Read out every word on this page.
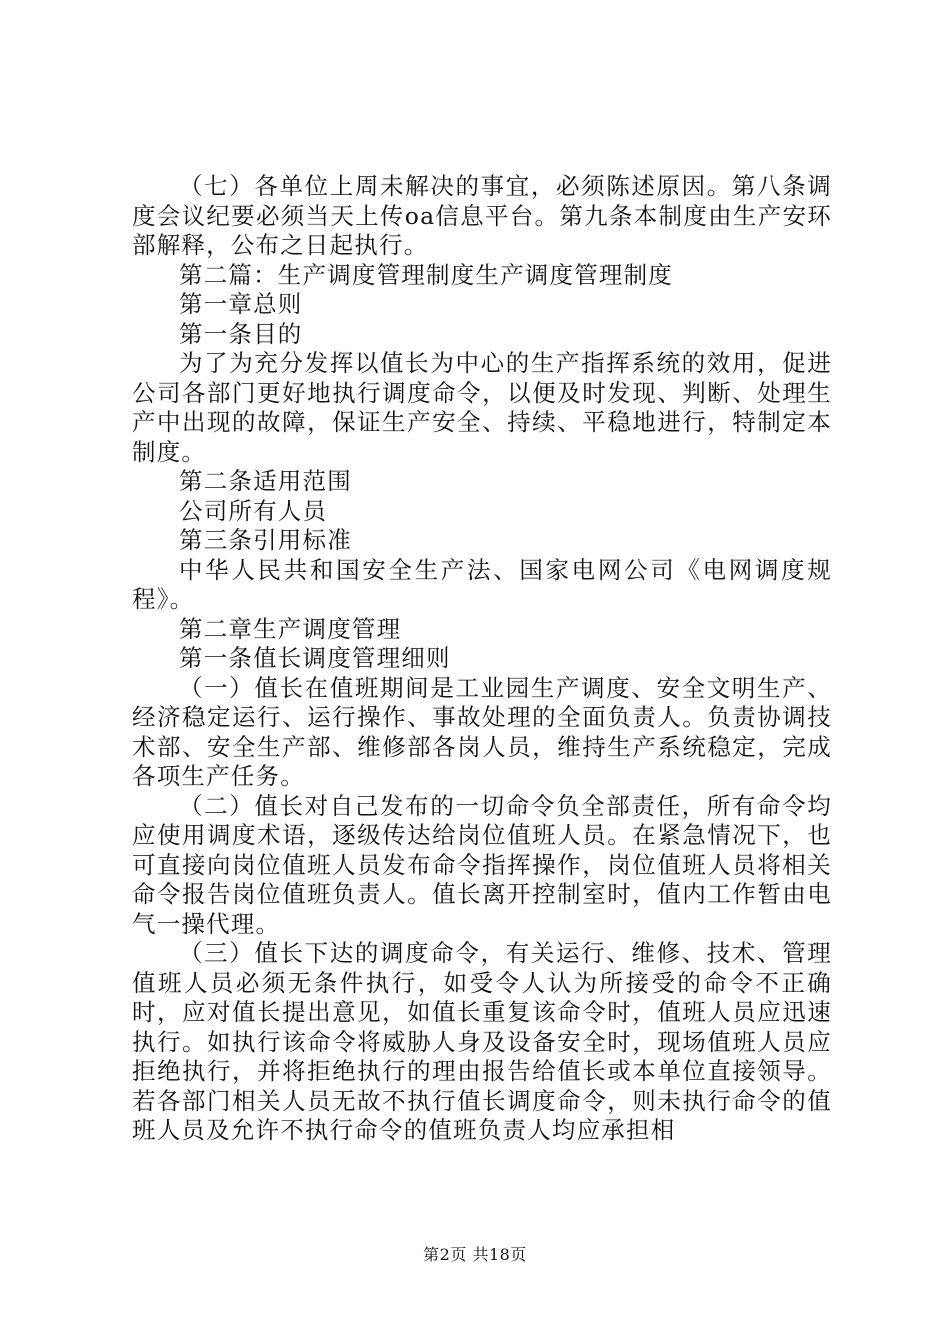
（七）各单位上周未解决的事宜，必须陈述原因。第八条调度会议纪要必须当天上传oa信息平台。第九条本制度由生产安环部解释，公布之日起执行。

第二篇：生产调度管理制度生产调度管理制度

第一章总则

第一条目的

为了为充分发挥以值长为中心的生产指挥系统的效用，促进公司各部门更好地执行调度命令，以便及时发现、判断、处理生产中出现的故障，保证生产安全、持续、平稳地进行，特制定本制度。

第二条适用范围

公司所有人员

第三条引用标准

中华人民共和国安全生产法、国家电网公司《电网调度规程》。

第二章生产调度管理

第一条值长调度管理细则

（一）值长在值班期间是工业园生产调度、安全文明生产、经济稳定运行、运行操作、事故处理的全面负责人。负责协调技术部、安全生产部、维修部各岗人员，维持生产系统稳定，完成各项生产任务。

（二）值长对自己发布的一切命令负全部责任，所有命令均应使用调度术语，逐级传达给岗位值班人员。在紧急情况下，也可直接向岗位值班人员发布命令指挥操作，岗位值班人员将相关命令报告岗位值班负责人。值长离开控制室时，值内工作暂由电气一操代理。

（三）值长下达的调度命令，有关运行、维修、技术、管理值班人员必须无条件执行，如受令人认为所接受的命令不正确时，应对值长提出意见，如值长重复该命令时，值班人员应迅速执行。如执行该命令将威胁人身及设备安全时，现场值班人员应拒绝执行，并将拒绝执行的理由报告给值长或本单位直接领导。若各部门相关人员无故不执行值长调度命令，则未执行命令的值班人员及允许不执行命令的值班负责人均应承担相

第2页 共18页
